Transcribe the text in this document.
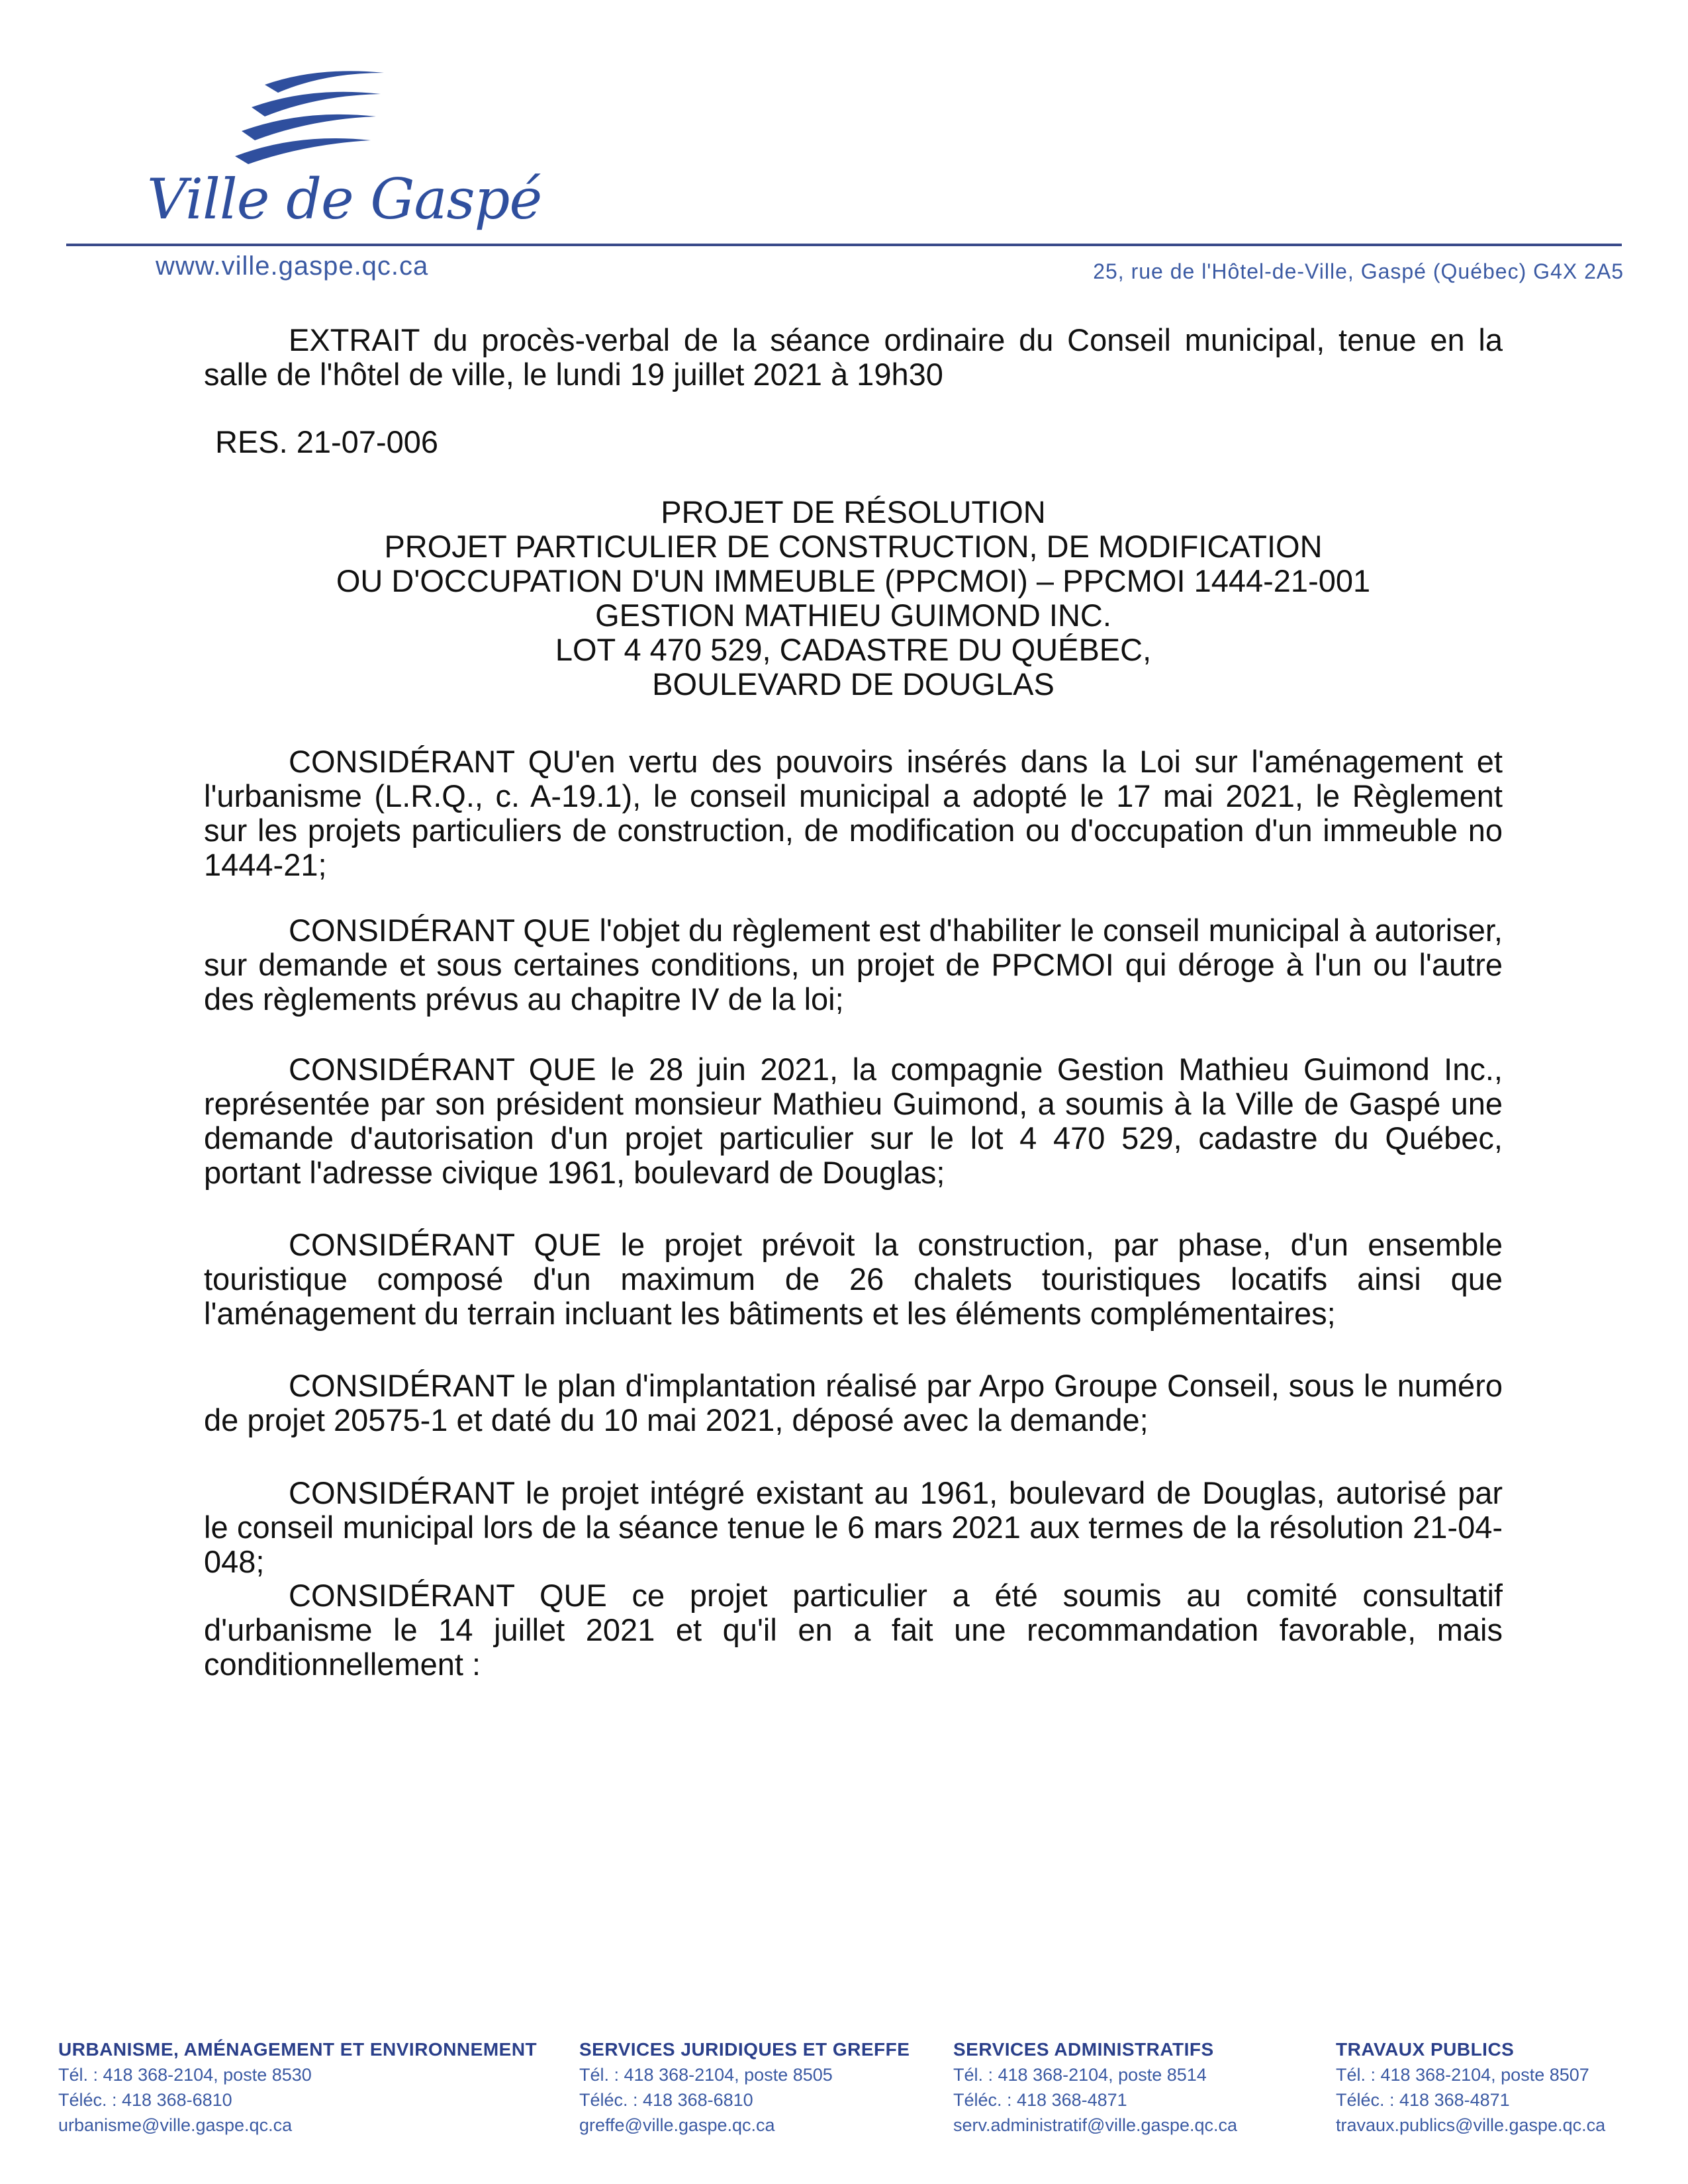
Ville de Gaspé
www.ville.gaspe.qc.ca	25, rue de l'Hôtel-de-Ville, Gaspé (Québec) G4X 2A5

EXTRAIT du procès-verbal de la séance ordinaire du Conseil municipal, tenue en la salle de l'hôtel de ville, le lundi 19 juillet 2021 à 19h30

RES. 21-07-006
PROJET DE RÉSOLUTION
PROJET PARTICULIER DE CONSTRUCTION, DE MODIFICATION
OU D'OCCUPATION D'UN IMMEUBLE (PPCMOI) – PPCMOI 1444-21-001
GESTION MATHIEU GUIMOND INC.
LOT 4 470 529, CADASTRE DU QUÉBEC,
BOULEVARD DE DOUGLAS

CONSIDÉRANT QU'en vertu des pouvoirs insérés dans la Loi sur l'aménagement et l'urbanisme (L.R.Q., c. A-19.1), le conseil municipal a adopté le 17 mai 2021, le Règlement sur les projets particuliers de construction, de modification ou d'occupation d'un immeuble no 1444-21;

CONSIDÉRANT QUE l'objet du règlement est d'habiliter le conseil municipal à autoriser, sur demande et sous certaines conditions, un projet de PPCMOI qui déroge à l'un ou l'autre des règlements prévus au chapitre IV de la loi;

CONSIDÉRANT QUE le 28 juin 2021, la compagnie Gestion Mathieu Guimond Inc., représentée par son président monsieur Mathieu Guimond, a soumis à la Ville de Gaspé une demande d'autorisation d'un projet particulier sur le lot 4 470 529, cadastre du Québec, portant l'adresse civique 1961, boulevard de Douglas;

CONSIDÉRANT QUE le projet prévoit la construction, par phase, d'un ensemble touristique composé d'un maximum de 26 chalets touristiques locatifs ainsi que l'aménagement du terrain incluant les bâtiments et les éléments complémentaires;

CONSIDÉRANT le plan d'implantation réalisé par Arpo Groupe Conseil, sous le numéro de projet 20575-1 et daté du 10 mai 2021, déposé avec la demande;

CONSIDÉRANT le projet intégré existant au 1961, boulevard de Douglas, autorisé par le conseil municipal lors de la séance tenue le 6 mars 2021 aux termes de la résolution 21-04-048;

CONSIDÉRANT QUE ce projet particulier a été soumis au comité consultatif d'urbanisme le 14 juillet 2021 et qu'il en a fait une recommandation favorable, mais conditionnellement :

URBANISME, AMÉNAGEMENT ET ENVIRONNEMENT
Tél. : 418 368-2104, poste 8530
Téléc. : 418 368-6810
urbanisme@ville.gaspe.qc.ca
SERVICES JURIDIQUES ET GREFFE
Tél. : 418 368-2104, poste 8505
Téléc. : 418 368-6810
greffe@ville.gaspe.qc.ca
SERVICES ADMINISTRATIFS
Tél. : 418 368-2104, poste 8514
Téléc. : 418 368-4871
serv.administratif@ville.gaspe.qc.ca
TRAVAUX PUBLICS
Tél. : 418 368-2104, poste 8507
Téléc. : 418 368-4871
travaux.publics@ville.gaspe.qc.ca
